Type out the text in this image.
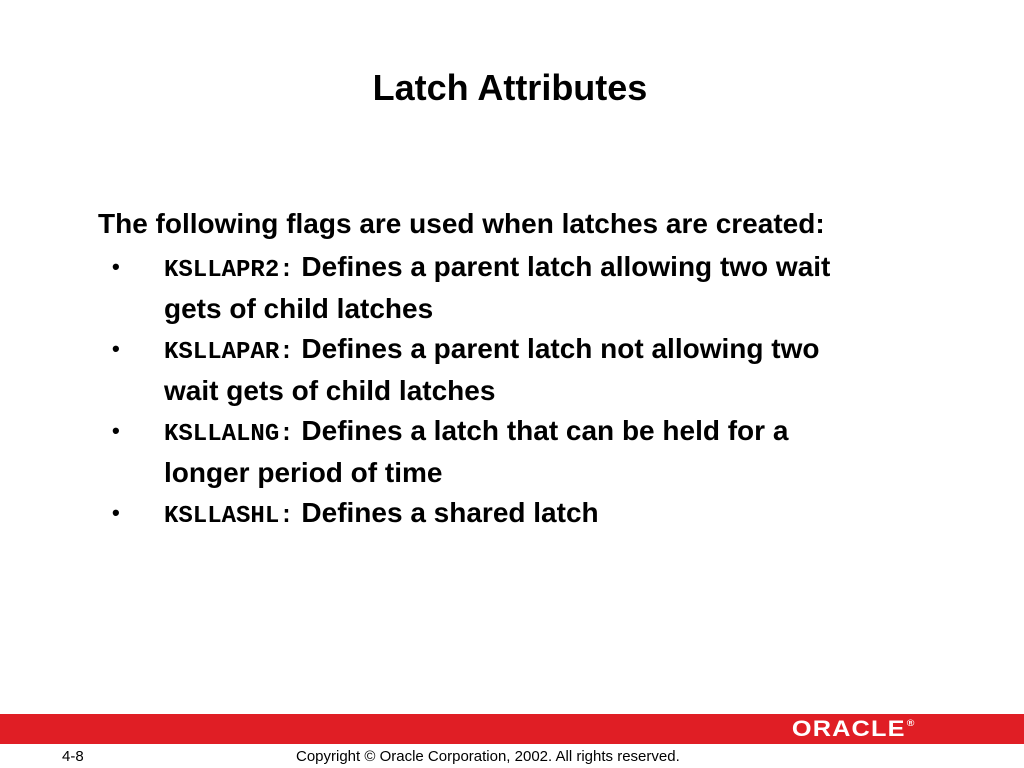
Latch Attributes

The following flags are used when latches are created:

• KSLLAPR2: Defines a parent latch allowing two wait gets of child latches
• KSLLAPAR: Defines a parent latch not allowing two wait gets of child latches
• KSLLALNG: Defines a latch that can be held for a longer period of time
• KSLLASHL: Defines a shared latch
ORACLE ®
4-8	Copyright © Oracle Corporation, 2002. All rights reserved.
